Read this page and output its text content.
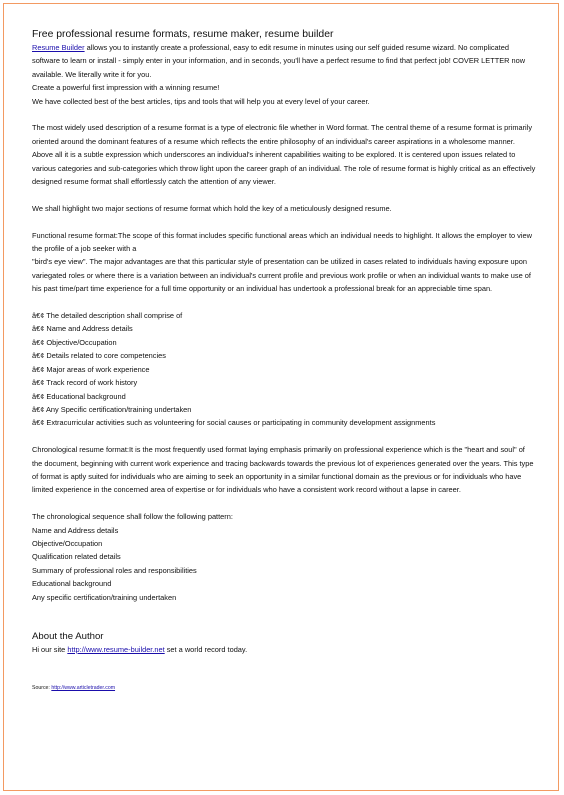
Free professional resume formats, resume maker, resume builder

Resume Builder allows you to instantly create a professional, easy to edit resume in minutes using our self guided resume wizard. No complicated software to learn or install - simply enter in your information, and in seconds, you'll have a perfect resume to find that perfect job! COVER LETTER now available. We literally write it for you.

Create a powerful first impression with a winning resume!

We have collected best of the best articles, tips and tools that will help you at every level of your career.

The most widely used description of a resume format is a type of electronic file whether in Word format. The central theme of a resume format is primarily oriented around the dominant features of a resume which reflects the entire philosophy of an individual's career aspirations in a wholesome manner. Above all it is a subtle expression which underscores an individual's inherent capabilities waiting to be explored. It is centered upon issues related to various categories and sub-categories which throw light upon the career graph of an individual. The role of resume format is highly critical as an effectively designed resume format shall effortlessly catch the attention of any viewer.

We shall highlight two major sections of resume format which hold the key of a meticulously designed resume.

Functional resume format:The scope of this format includes specific functional areas which an individual needs to highlight. It allows the employer to view the profile of a job seeker with a

"bird's eye view". The major advantages are that this particular style of presentation can be utilized in cases related to individuals having exposure upon variegated roles or where there is a variation between an individual's current profile and previous work profile or when an individual wants to make use of his past time/part time experience for a full time opportunity or an individual has undertook a professional break for an appreciable time span.

â€¢ The detailed description shall comprise of

â€¢ Name and Address details

â€¢ Objective/Occupation

â€¢ Details related to core competencies

â€¢ Major areas of work experience

â€¢ Track record of work history

â€¢ Educational background

â€¢ Any Specific certification/training undertaken

â€¢ Extracurricular activities such as volunteering for social causes or participating in community development assignments

Chronological resume format:It is the most frequently used format laying emphasis primarily on professional experience which is the "heart and soul" of the document, beginning with current work experience and tracing backwards towards the previous lot of experiences generated over the years. This type of format is aptly suited for individuals who are aiming to seek an opportunity in a similar functional domain as the previous or for individuals who have limited experience in the concerned area of expertise or for individuals who have a consistent work record without a lapse in career.

The chronological sequence shall follow the following pattern:

Name and Address details

Objective/Occupation

Qualification related details

Summary of professional roles and responsibilities

Educational background

Any specific certification/training undertaken

About the Author

Hi our site http://www.resume-builder.net set a world record today.

Source: http://www.articletrader.com
